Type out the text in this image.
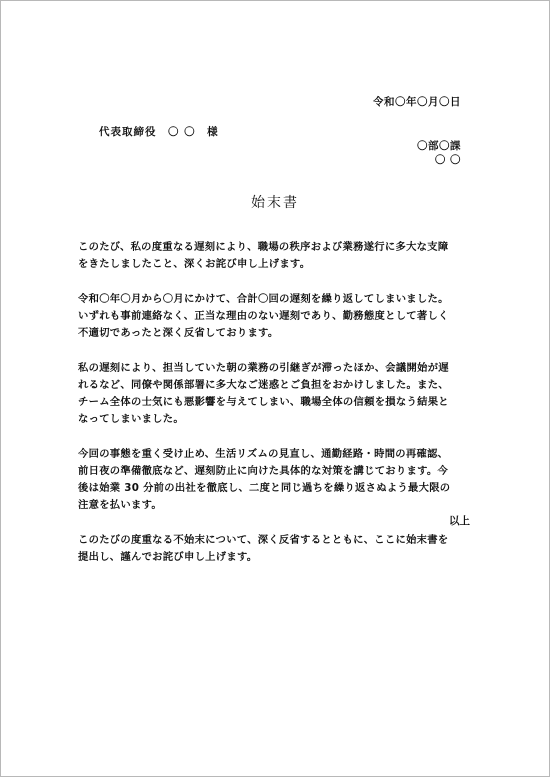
令和〇年〇月〇日
代表取締役　〇 〇　様
〇部〇課
〇 〇
始末書

このたび、私の度重なる遅刻により、職場の秩序および業務遂行に多大な支障
をきたしましたこと、深くお詫び申し上げます。

令和〇年〇月から〇月にかけて、合計〇回の遅刻を繰り返してしまいました。
いずれも事前連絡なく、正当な理由のない遅刻であり、勤務態度として著しく
不適切であったと深く反省しております。

私の遅刻により、担当していた朝の業務の引継ぎが滞ったほか、会議開始が遅
れるなど、同僚や関係部署に多大なご迷惑とご負担をおかけしました。また、
チーム全体の士気にも悪影響を与えてしまい、職場全体の信頼を損なう結果と
なってしまいました。

今回の事態を重く受け止め、生活リズムの見直し、通勤経路・時間の再確認、
前日夜の準備徹底など、遅刻防止に向けた具体的な対策を講じております。今
後は始業 30 分前の出社を徹底し、二度と同じ過ちを繰り返さぬよう最大限の
注意を払います。

このたびの度重なる不始末について、深く反省するとともに、ここに始末書を
提出し、謹んでお詫び申し上げます。

以上
